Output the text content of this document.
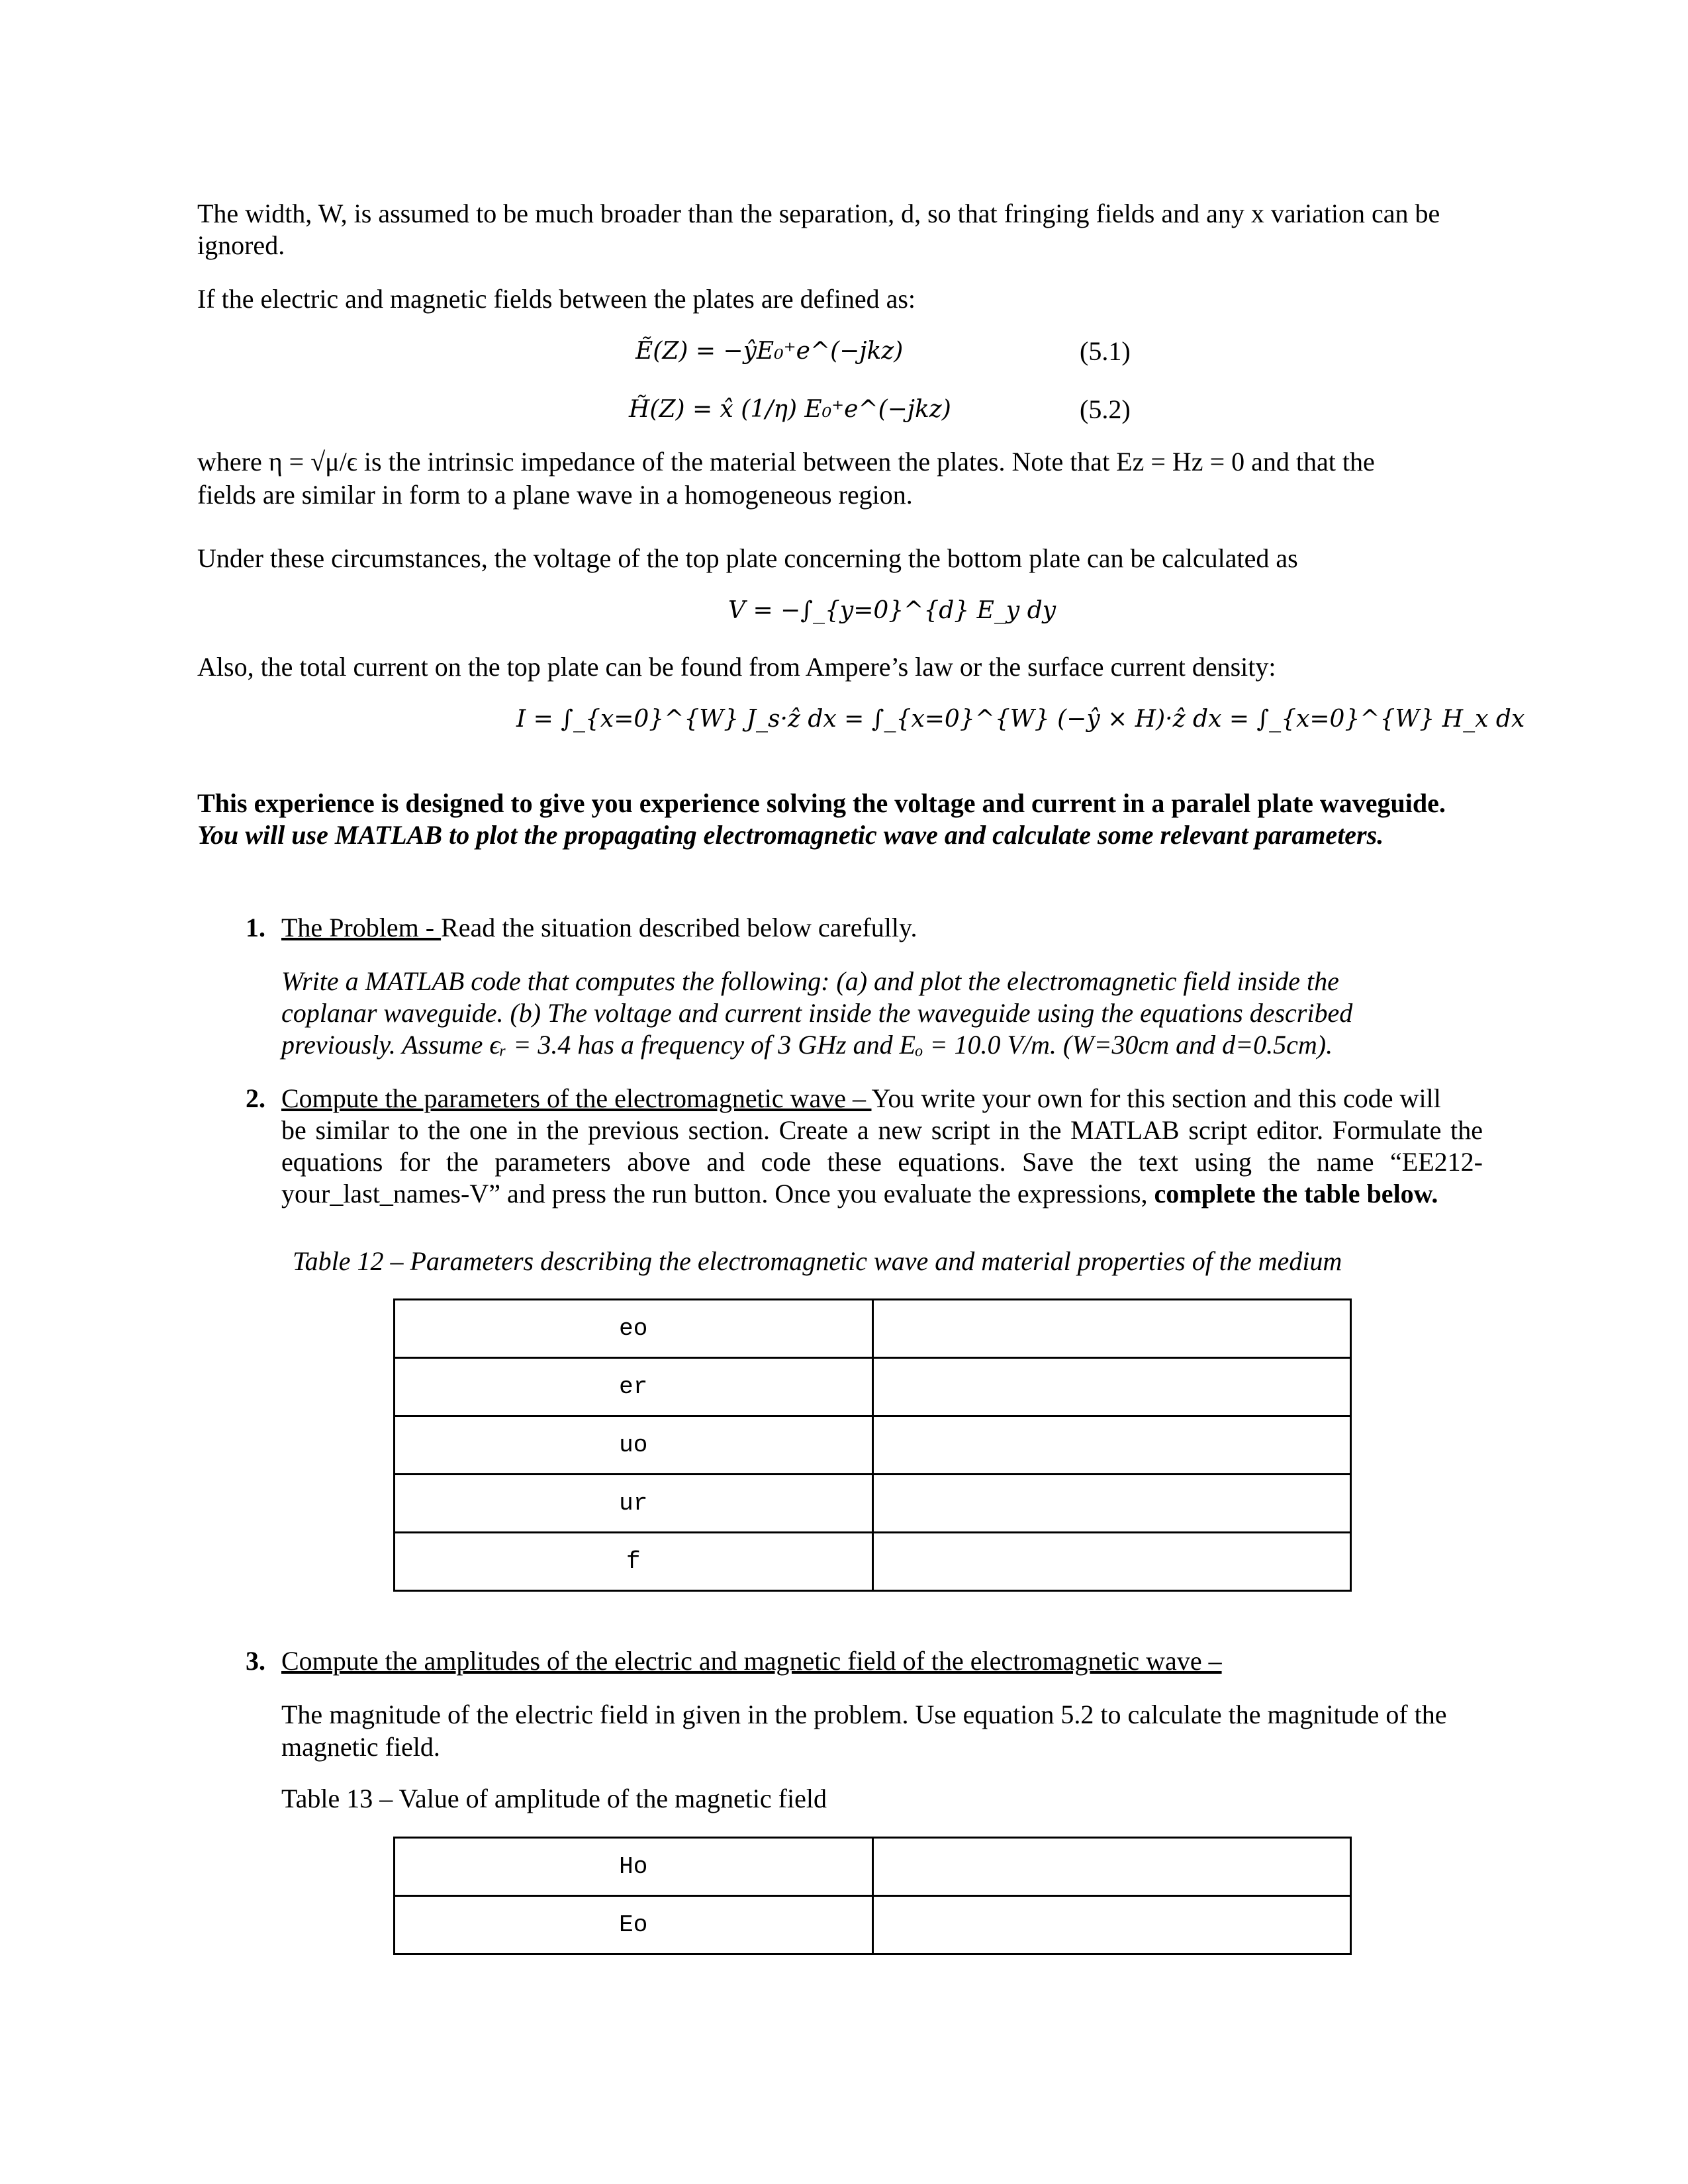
The width, W, is assumed to be much broader than the separation, d, so that fringing fields and any x variation can be
ignored.
If the electric and magnetic fields between the plates are defined as:
Ẽ(Z) = −ŷE₀⁺e^(−jkz)	(5.1)
H̃(Z) = x̂ (1/η) E₀⁺e^(−jkz)	(5.2)
where η = √μ/ϵ is the intrinsic impedance of the material between the plates. Note that Ez = Hz = 0 and that the
fields are similar in form to a plane wave in a homogeneous region.
Under these circumstances, the voltage of the top plate concerning the bottom plate can be calculated as
V = −∫_{y=0}^{d} E_y dy
Also, the total current on the top plate can be found from Ampere’s law or the surface current density:
I = ∫_{x=0}^{W} J_s·ẑ dx = ∫_{x=0}^{W} (−ŷ × H)·ẑ dx = ∫_{x=0}^{W} H_x dx
This experience is designed to give you experience solving the voltage and current in a paralel plate waveguide.
You will use MATLAB to plot the propagating electromagnetic wave and calculate some relevant parameters.
1. The Problem - Read the situation described below carefully.
Write a MATLAB code that computes the following: (a) and plot the electromagnetic field inside the
coplanar waveguide. (b) The voltage and current inside the waveguide using the equations described
previously. Assume ϵᵣ = 3.4 has a frequency of 3 GHz and Eₒ = 10.0 V/m. (W=30cm and d=0.5cm).
2. Compute the parameters of the electromagnetic wave – You write your own for this section and this code will
be similar to the one in the previous section. Create a new script in the MATLAB script editor. Formulate the
equations for the parameters above and code these equations. Save the text using the name “EE212-
your_last_names-V” and press the run button. Once you evaluate the expressions, complete the table below.
Table 12 – Parameters describing the electromagnetic wave and material properties of the medium
eo	
er	
uo	
ur	
f	
3. Compute the amplitudes of the electric and magnetic field of the electromagnetic wave –
The magnitude of the electric field in given in the problem. Use equation 5.2 to calculate the magnitude of the
magnetic field.
Table 13 – Value of amplitude of the magnetic field
Ho	
Eo	
